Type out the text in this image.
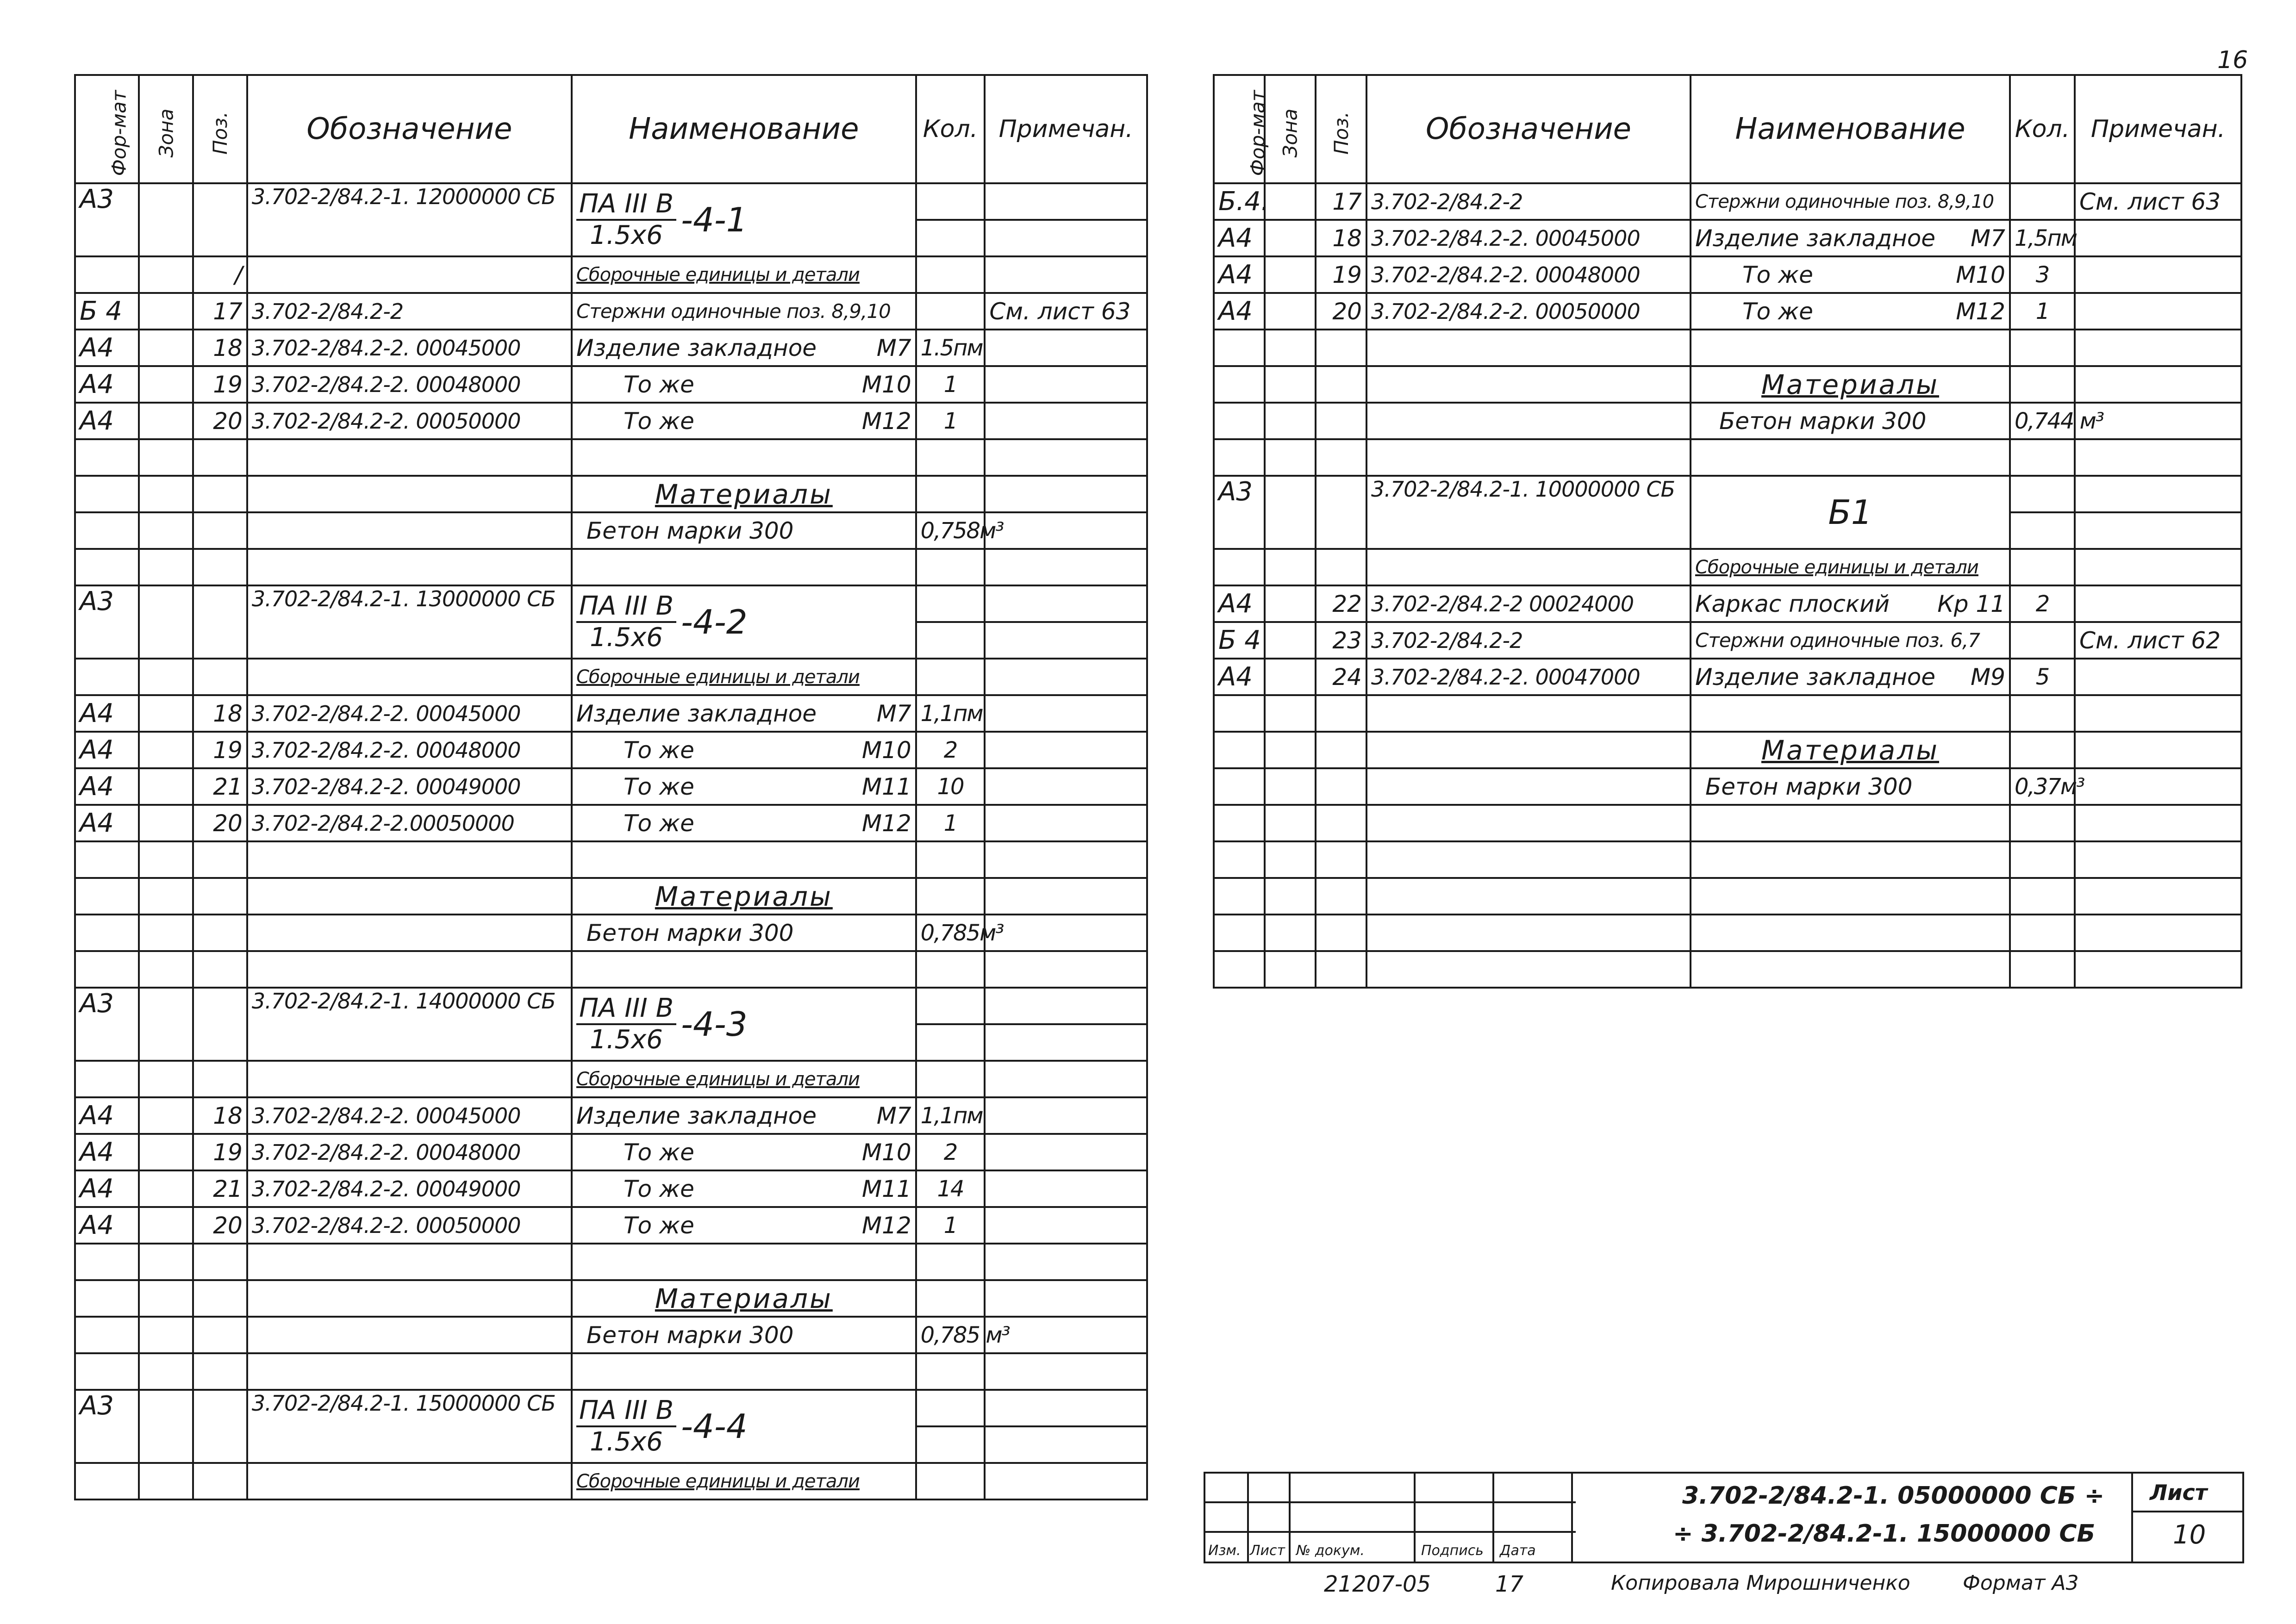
16
Фор-мат	Зона	Поз.	Обозначение	Наименование	Кол.	Примечан.
А3			3.702-2/84.2-1. 12000000 СБ	ПА III В
1.5x6 -4-1		

		/		Сборочные единицы и детали		
Б 4		17	3.702-2/84.2-2	Стержни одиночные поз. 8,9,10		См. лист 63
А4		18	3.702-2/84.2-2. 00045000	Изделие закладное М7	1.5пм	
А4		19	3.702-2/84.2-2. 00048000	То же М10	1	
А4		20	3.702-2/84.2-2. 00050000	То же М12	1	

				Материалы		
				Бетон марки 300	0,758м³	

А3			3.702-2/84.2-1. 13000000 СБ	ПА III В
1.5x6 -4-2		

				Сборочные единицы и детали		
А4		18	3.702-2/84.2-2. 00045000	Изделие закладное М7	1,1пм	
А4		19	3.702-2/84.2-2. 00048000	То же М10	2	
А4		21	3.702-2/84.2-2. 00049000	То же М11	10	
А4		20	3.702-2/84.2-2.00050000	То же М12	1	

				Материалы		
				Бетон марки 300	0,785м³	

А3			3.702-2/84.2-1. 14000000 СБ	ПА III В
1.5x6 -4-3		

				Сборочные единицы и детали		
А4		18	3.702-2/84.2-2. 00045000	Изделие закладное М7	1,1пм	
А4		19	3.702-2/84.2-2. 00048000	То же М10	2	
А4		21	3.702-2/84.2-2. 00049000	То же М11	14	
А4		20	3.702-2/84.2-2. 00050000	То же М12	1	

				Материалы		
				Бетон марки 300	0,785 м³	

А3			3.702-2/84.2-1. 15000000 СБ	ПА III В
1.5x6 -4-4		

				Сборочные единицы и детали		
Фор-мат	Зона	Поз.	Обозначение	Наименование	Кол.	Примечан.
Б.4.		17	3.702-2/84.2-2	Стержни одиночные поз. 8,9,10		См. лист 63
А4		18	3.702-2/84.2-2. 00045000	Изделие закладное М7	1,5пм	
А4		19	3.702-2/84.2-2. 00048000	То же М10	3	
А4		20	3.702-2/84.2-2. 00050000	То же М12	1	

				Материалы		
				Бетон марки 300	0,744 м³	

А3			3.702-2/84.2-1. 10000000 СБ	Б1		

				Сборочные единицы и детали		
А4		22	3.702-2/84.2-2 00024000	Каркас плоский Кр 11	2	
Б 4		23	3.702-2/84.2-2	Стержни одиночные поз. 6,7		См. лист 62
А4		24	3.702-2/84.2-2. 00047000	Изделие закладное М9	5	

				Материалы		
				Бетон марки 300	0,37м³	

Изм. Лист № докум.	Подпись Дата
3.702-2/84.2-1. 05000000 СБ ÷
÷ 3.702-2/84.2-1. 15000000 СБ
Лист
10
21207-05	17	Копировала Мирошниченко	Формат А3
